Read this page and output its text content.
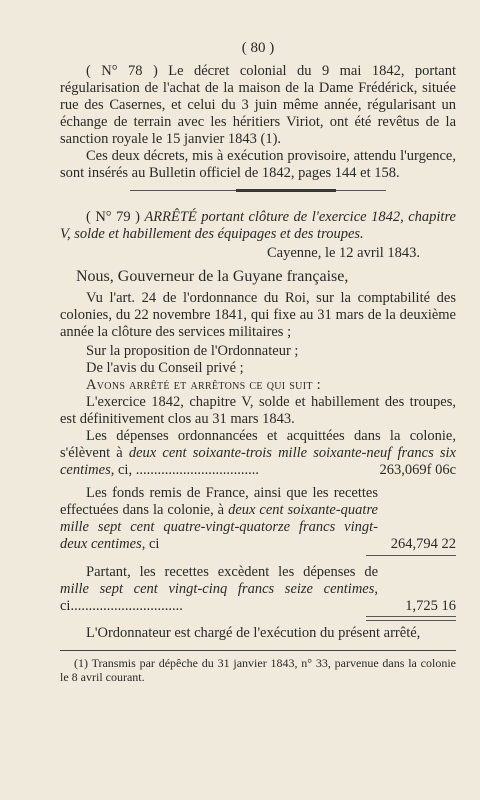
( 80 )

( N° 78 ) Le décret colonial du 9 mai 1842, portant régularisation de l'achat de la maison de la Dame Frédérick, située rue des Casernes, et celui du 3 juin même année, régularisant un échange de terrain avec les héritiers Viriot, ont été revêtus de la sanction royale le 15 janvier 1843 (1).

Ces deux décrets, mis à exécution provisoire, attendu l'urgence, sont insérés au Bulletin officiel de 1842, pages 144 et 158.

( N° 79 ) ARRÊTÉ portant clôture de l'exercice 1842, chapitre V, solde et habillement des équipages et des troupes.

Cayenne, le 12 avril 1843.
Nous, Gouverneur de la Guyane française,

Vu l'art. 24 de l'ordonnance du Roi, sur la comptabilité des colonies, du 22 novembre 1841, qui fixe au 31 mars de la deuxième année la clôture des services militaires ;

Sur la proposition de l'Ordonnateur ;

De l'avis du Conseil privé ;

Avons arrêté et arrêtons ce qui suit :

L'exercice 1842, chapitre V, solde et habillement des troupes, est définitivement clos au 31 mars 1843.

Les dépenses ordonnancées et acquittées dans la colonie, s'élèvent à deux cent soixante-trois mille soixante-neuf francs six centimes, ci, ..................................	263,069f 06c

Les fonds remis de France, ainsi que les recettes effectuées dans la colonie, à deux cent soixante-quatre mille sept cent quatre-vingt-quatorze francs vingt-deux centimes, ci	264,794 22

Partant, les recettes excèdent les dépenses de mille sept cent vingt-cinq francs seize centimes, ci...............................	1,725 16

L'Ordonnateur est chargé de l'exécution du présent arrêté,

(1) Transmis par dépêche du 31 janvier 1843, n° 33, parvenue dans la colonie le 8 avril courant.
